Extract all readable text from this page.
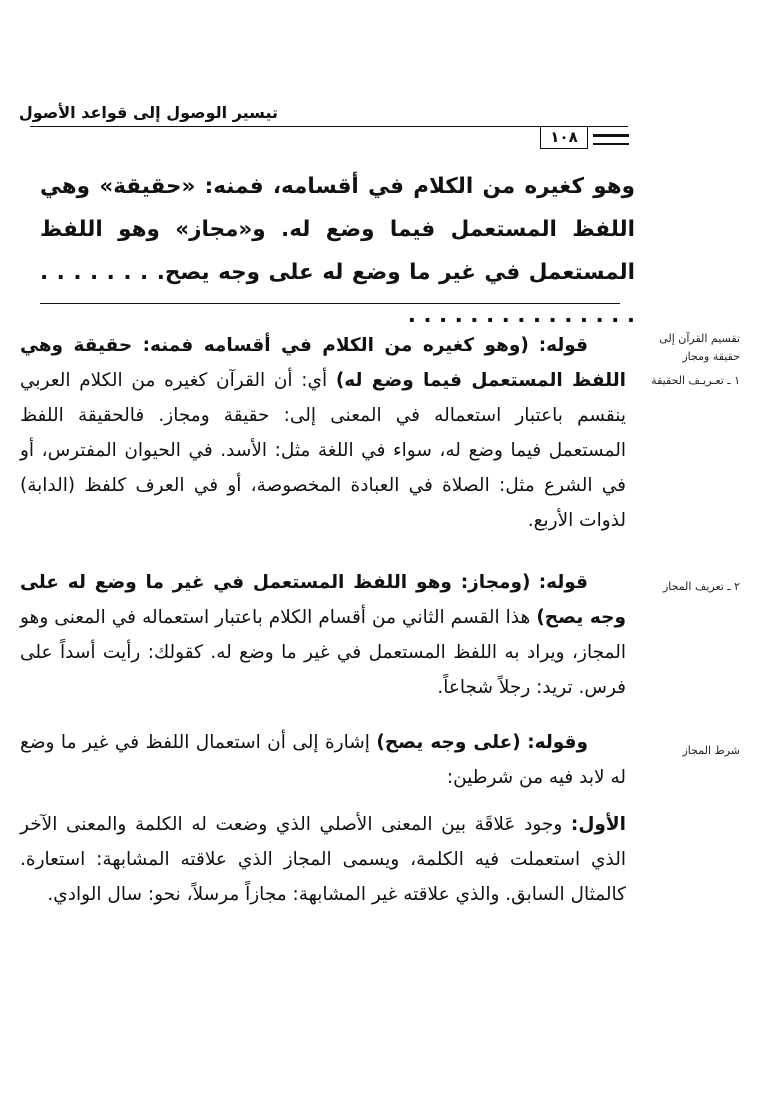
تيسير الوصول إلى قواعد الأصول
١٠٨
وهو كغيره من الكلام في أقسامه، فمنه: «حقيقة» وهي اللفظ المستعمل فيما وضع له. و«مجاز» وهو اللفظ المستعمل في غير ما وضع له على وجه يصح. . . . . . . . . . . . . . . . . . . . . . .
قوله: (وهو كغيره من الكلام في أقسامه فمنه: حقيقة وهي اللفظ المستعمل فيما وضع له) أي: أن القرآن كغيره من الكلام العربي ينقسم باعتبار استعماله في المعنى إلى: حقيقة ومجاز. فالحقيقة اللفظ المستعمل فيما وضع له، سواء في اللغة مثل: الأسد. في الحيوان المفترس، أو في الشرع مثل: الصلاة في العبادة المخصوصة، أو في العرف كلفظ (الدابة) لذوات الأربع.
قوله: (ومجاز: وهو اللفظ المستعمل في غير ما وضع له على وجه يصح) هذا القسم الثاني من أقسام الكلام باعتبار استعماله في المعنى وهو المجاز، ويراد به اللفظ المستعمل في غير ما وضع له. كقولك: رأيت أسداً على فرس. تريد: رجلاً شجاعاً.
وقوله: (على وجه يصح) إشارة إلى أن استعمال اللفظ في غير ما وضع له لابد فيه من شرطين:
الأول: وجود عَلاقَة بين المعنى الأصلي الذي وضعت له الكلمة والمعنى الآخر الذي استعملت فيه الكلمة، ويسمى المجاز الذي علاقته المشابهة: استعارة. كالمثال السابق. والذي علاقته غير المشابهة: مجازاً مرسلاً، نحو: سال الوادي.
تقسيم القرآن إلى حقيقة ومجاز
١ ـ تعـريـف الحقيقة
٢ ـ تعريف المجاز
شرط المجاز
